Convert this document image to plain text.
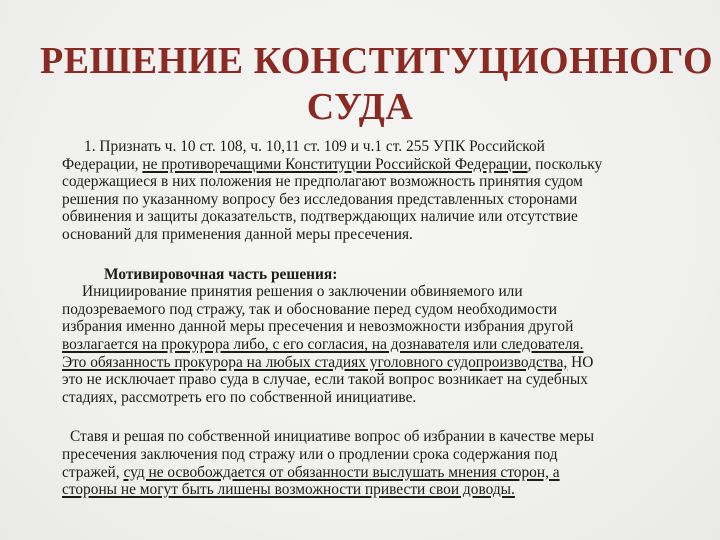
РЕШЕНИЕ КОНСТИТУЦИОННОГО
СУДА
1. Признать ч. 10 ст. 108, ч. 10,11 ст. 109 и ч.1 ст. 255 УПК Российской
Федерации, не противоречащими Конституции Российской Федерации, поскольку
содержащиеся в них положения не предполагают возможность принятия судом
решения по указанному вопросу без исследования представленных сторонами
обвинения и защиты доказательств, подтверждающих наличие или отсутствие
оснований для применения данной меры пресечения.
Мотивировочная часть решения:
Инициирование принятия решения о заключении обвиняемого или
подозреваемого под стражу, так и обоснование перед судом необходимости
избрания именно данной меры пресечения и невозможности избрания другой
возлагается на прокурора либо, с его согласия, на дознавателя или следователя.
Это обязанность прокурора на любых стадиях уголовного судопроизводства, НО
это не исключает право суда в случае, если такой вопрос возникает на судебных
стадиях, рассмотреть его по собственной инициативе.
Ставя и решая по собственной инициативе вопрос об избрании в качестве меры
пресечения заключения под стражу или о продлении срока содержания под
стражей, суд не освобождается от обязанности выслушать мнения сторон, а
стороны не могут быть лишены возможности привести свои доводы.
